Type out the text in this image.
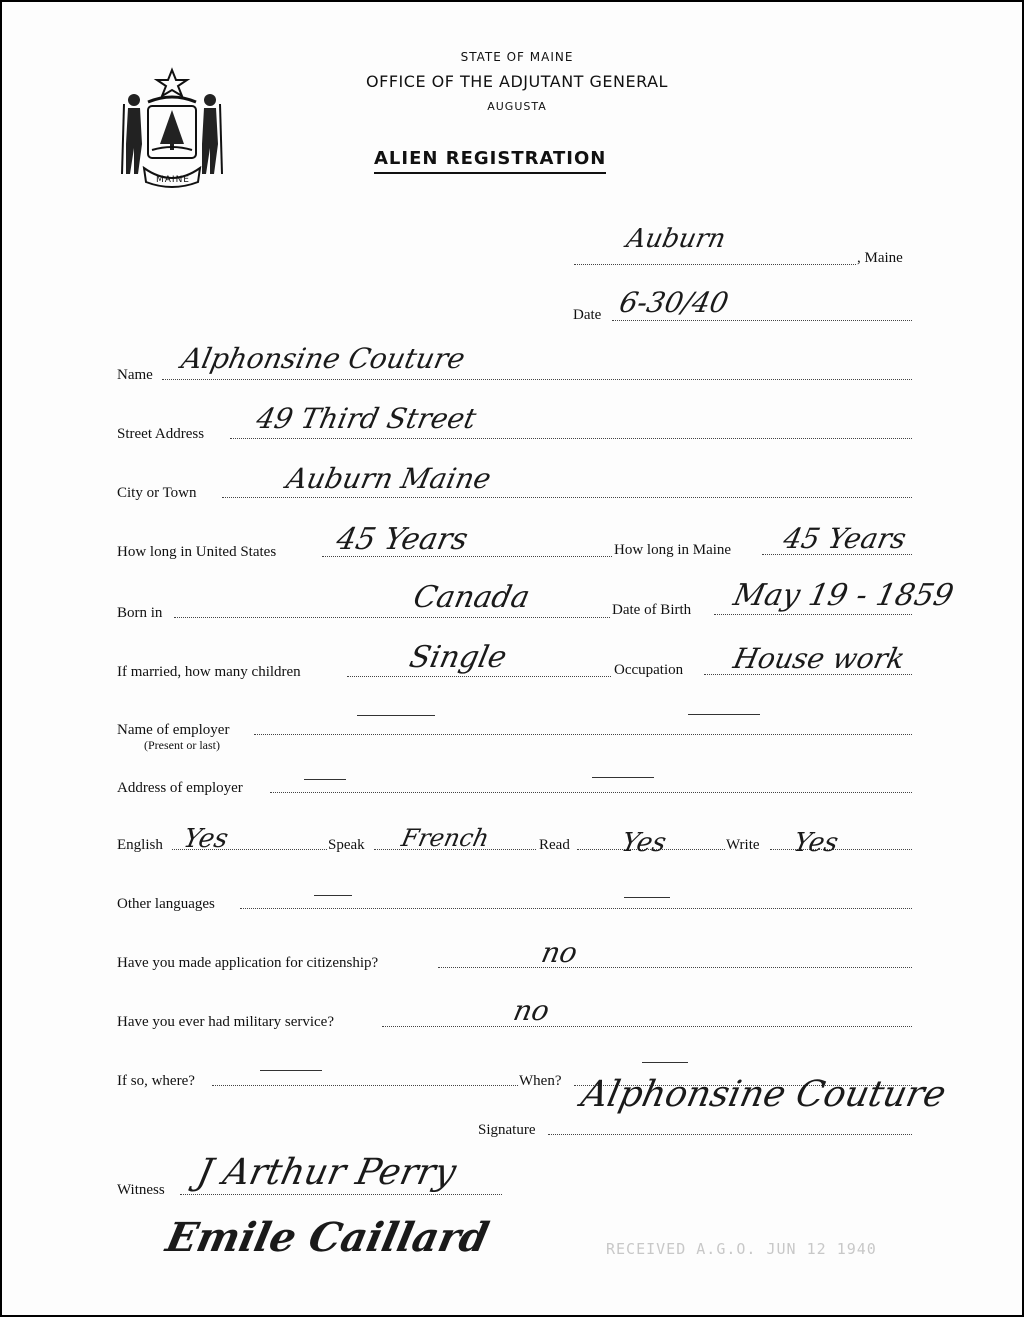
MAINE
STATE OF MAINE
OFFICE OF THE ADJUTANT GENERAL
AUGUSTA
ALIEN REGISTRATION
Auburn
, Maine
Date 6-30/40
Name Alphonsine Couture
Street Address 49 Third Street
City or Town	Auburn Maine
How long in United States 45 Years	How long in Maine 45 Years
Born in	Canada	Date of Birth May 19 - 1859
If married, how many children	Single	Occupation House work
Name of employer
(Present or last)
Address of employer
English Yes	Speak French	Read Yes	Write Yes
Other languages
Have you made application for citizenship?	no
Have you ever had military service?	no
If so, where?	When?
Signature
Alphonsine Couture
Witness J Arthur Perry
Emile Caillard	RECEIVED A.G.O. JUN 12 1940
